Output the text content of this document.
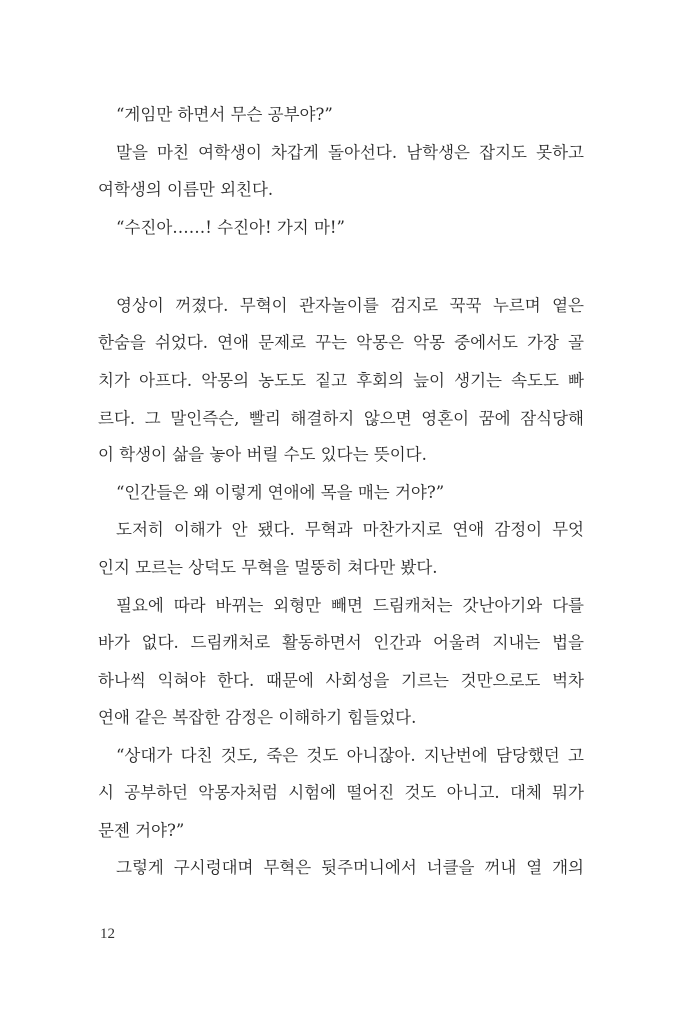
“게임만 하면서 무슨 공부야?”
말을 마친 여학생이 차갑게 돌아선다. 남학생은 잡지도 못하고
여학생의 이름만 외친다.
“수진아……! 수진아! 가지 마!”
영상이 꺼졌다. 무혁이 관자놀이를 검지로 꾹꾹 누르며 옅은
한숨을 쉬었다. 연애 문제로 꾸는 악몽은 악몽 중에서도 가장 골
치가 아프다. 악몽의 농도도 짙고 후회의 늪이 생기는 속도도 빠
르다. 그 말인즉슨, 빨리 해결하지 않으면 영혼이 꿈에 잠식당해
이 학생이 삶을 놓아 버릴 수도 있다는 뜻이다.
“인간들은 왜 이렇게 연애에 목을 매는 거야?”
도저히 이해가 안 됐다. 무혁과 마찬가지로 연애 감정이 무엇
인지 모르는 상덕도 무혁을 멀뚱히 쳐다만 봤다.
필요에 따라 바뀌는 외형만 빼면 드림캐처는 갓난아기와 다를
바가 없다. 드림캐처로 활동하면서 인간과 어울려 지내는 법을
하나씩 익혀야 한다. 때문에 사회성을 기르는 것만으로도 벅차
연애 같은 복잡한 감정은 이해하기 힘들었다.
“상대가 다친 것도, 죽은 것도 아니잖아. 지난번에 담당했던 고
시 공부하던 악몽자처럼 시험에 떨어진 것도 아니고. 대체 뭐가
문젠 거야?”
그렇게 구시렁대며 무혁은 뒷주머니에서 너클을 꺼내 열 개의
12
